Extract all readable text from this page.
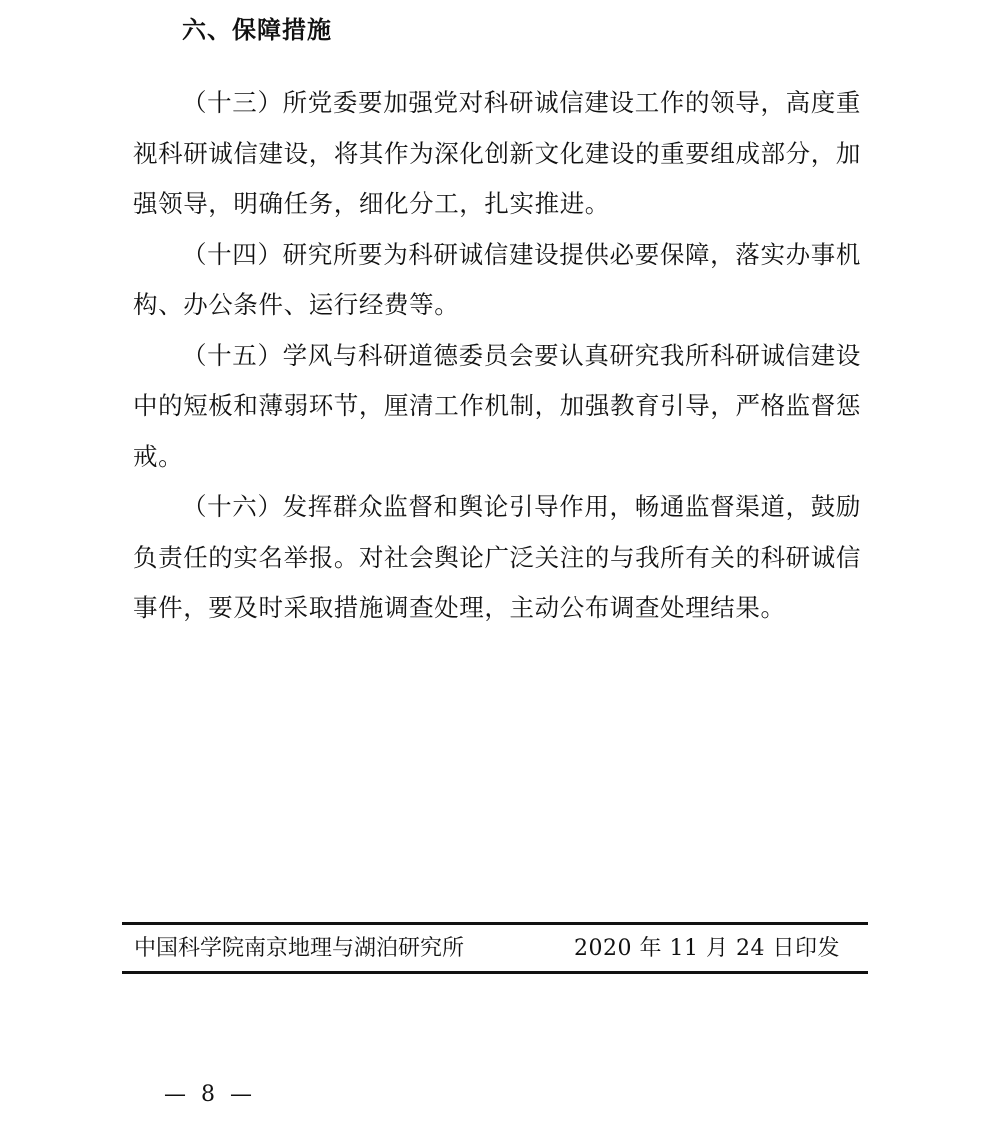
六、保障措施

（十三）所党委要加强党对科研诚信建设工作的领导，高度重视科研诚信建设，将其作为深化创新文化建设的重要组成部分，加强领导，明确任务，细化分工，扎实推进。

（十四）研究所要为科研诚信建设提供必要保障，落实办事机构、办公条件、运行经费等。

（十五）学风与科研道德委员会要认真研究我所科研诚信建设中的短板和薄弱环节，厘清工作机制，加强教育引导，严格监督惩戒。

（十六）发挥群众监督和舆论引导作用，畅通监督渠道，鼓励负责任的实名举报。对社会舆论广泛关注的与我所有关的科研诚信事件，要及时采取措施调查处理，主动公布调查处理结果。

中国科学院南京地理与湖泊研究所	2020 年 11 月 24 日印发

— 8 —
